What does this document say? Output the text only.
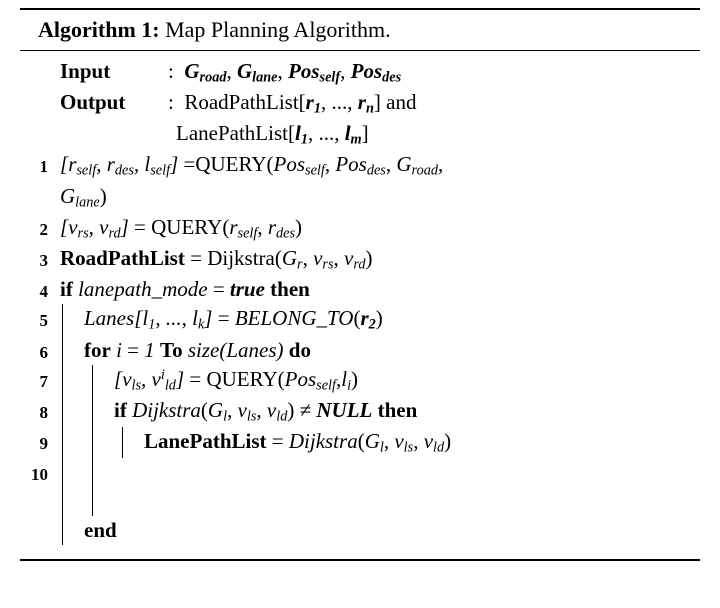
Algorithm 1: Map Planning Algorithm.
Input	: $G_{road}$, $G_{lane}$, Pos$_{self}$, Pos$_{des}$
Output : $RoadPathList[r_1$, ..., $r_n$] and
$LanePathList[l_1$, ..., $l_m$]
1 [$r_{self}$, $r_{des}$, $l_{self}$] =QUERY(Pos$_{self}$, Pos$_{des}$, $G_{road}$,
$G_{lane}$)
2 [$v_{rs}$, $v_{rd}$] = $QUERY(r_{self}$, $r_{des}$)
3 RoadPathList = $Dijkstra(G_r$, $v_{rs}$, $v_{rd}$)
4 if lanepath_mode = true then
5	$Lanes[l_1$, ..., $l_k$] = $BELONG\_TO(r_2)$
6	for i = 1 To size(Lanes) do
7	[$v_{ls}$, $v^i_{ld}$] = $QUERY(Pos_{self},l_i)$
8	if $Dijkstra(G_l$, $v_{ls}$, $v_{ld}$) ≠ NULL then
9	LanePathList = $Dijkstra(G_l$, $v_{ls}$, $v_{ld}$)
10

end
